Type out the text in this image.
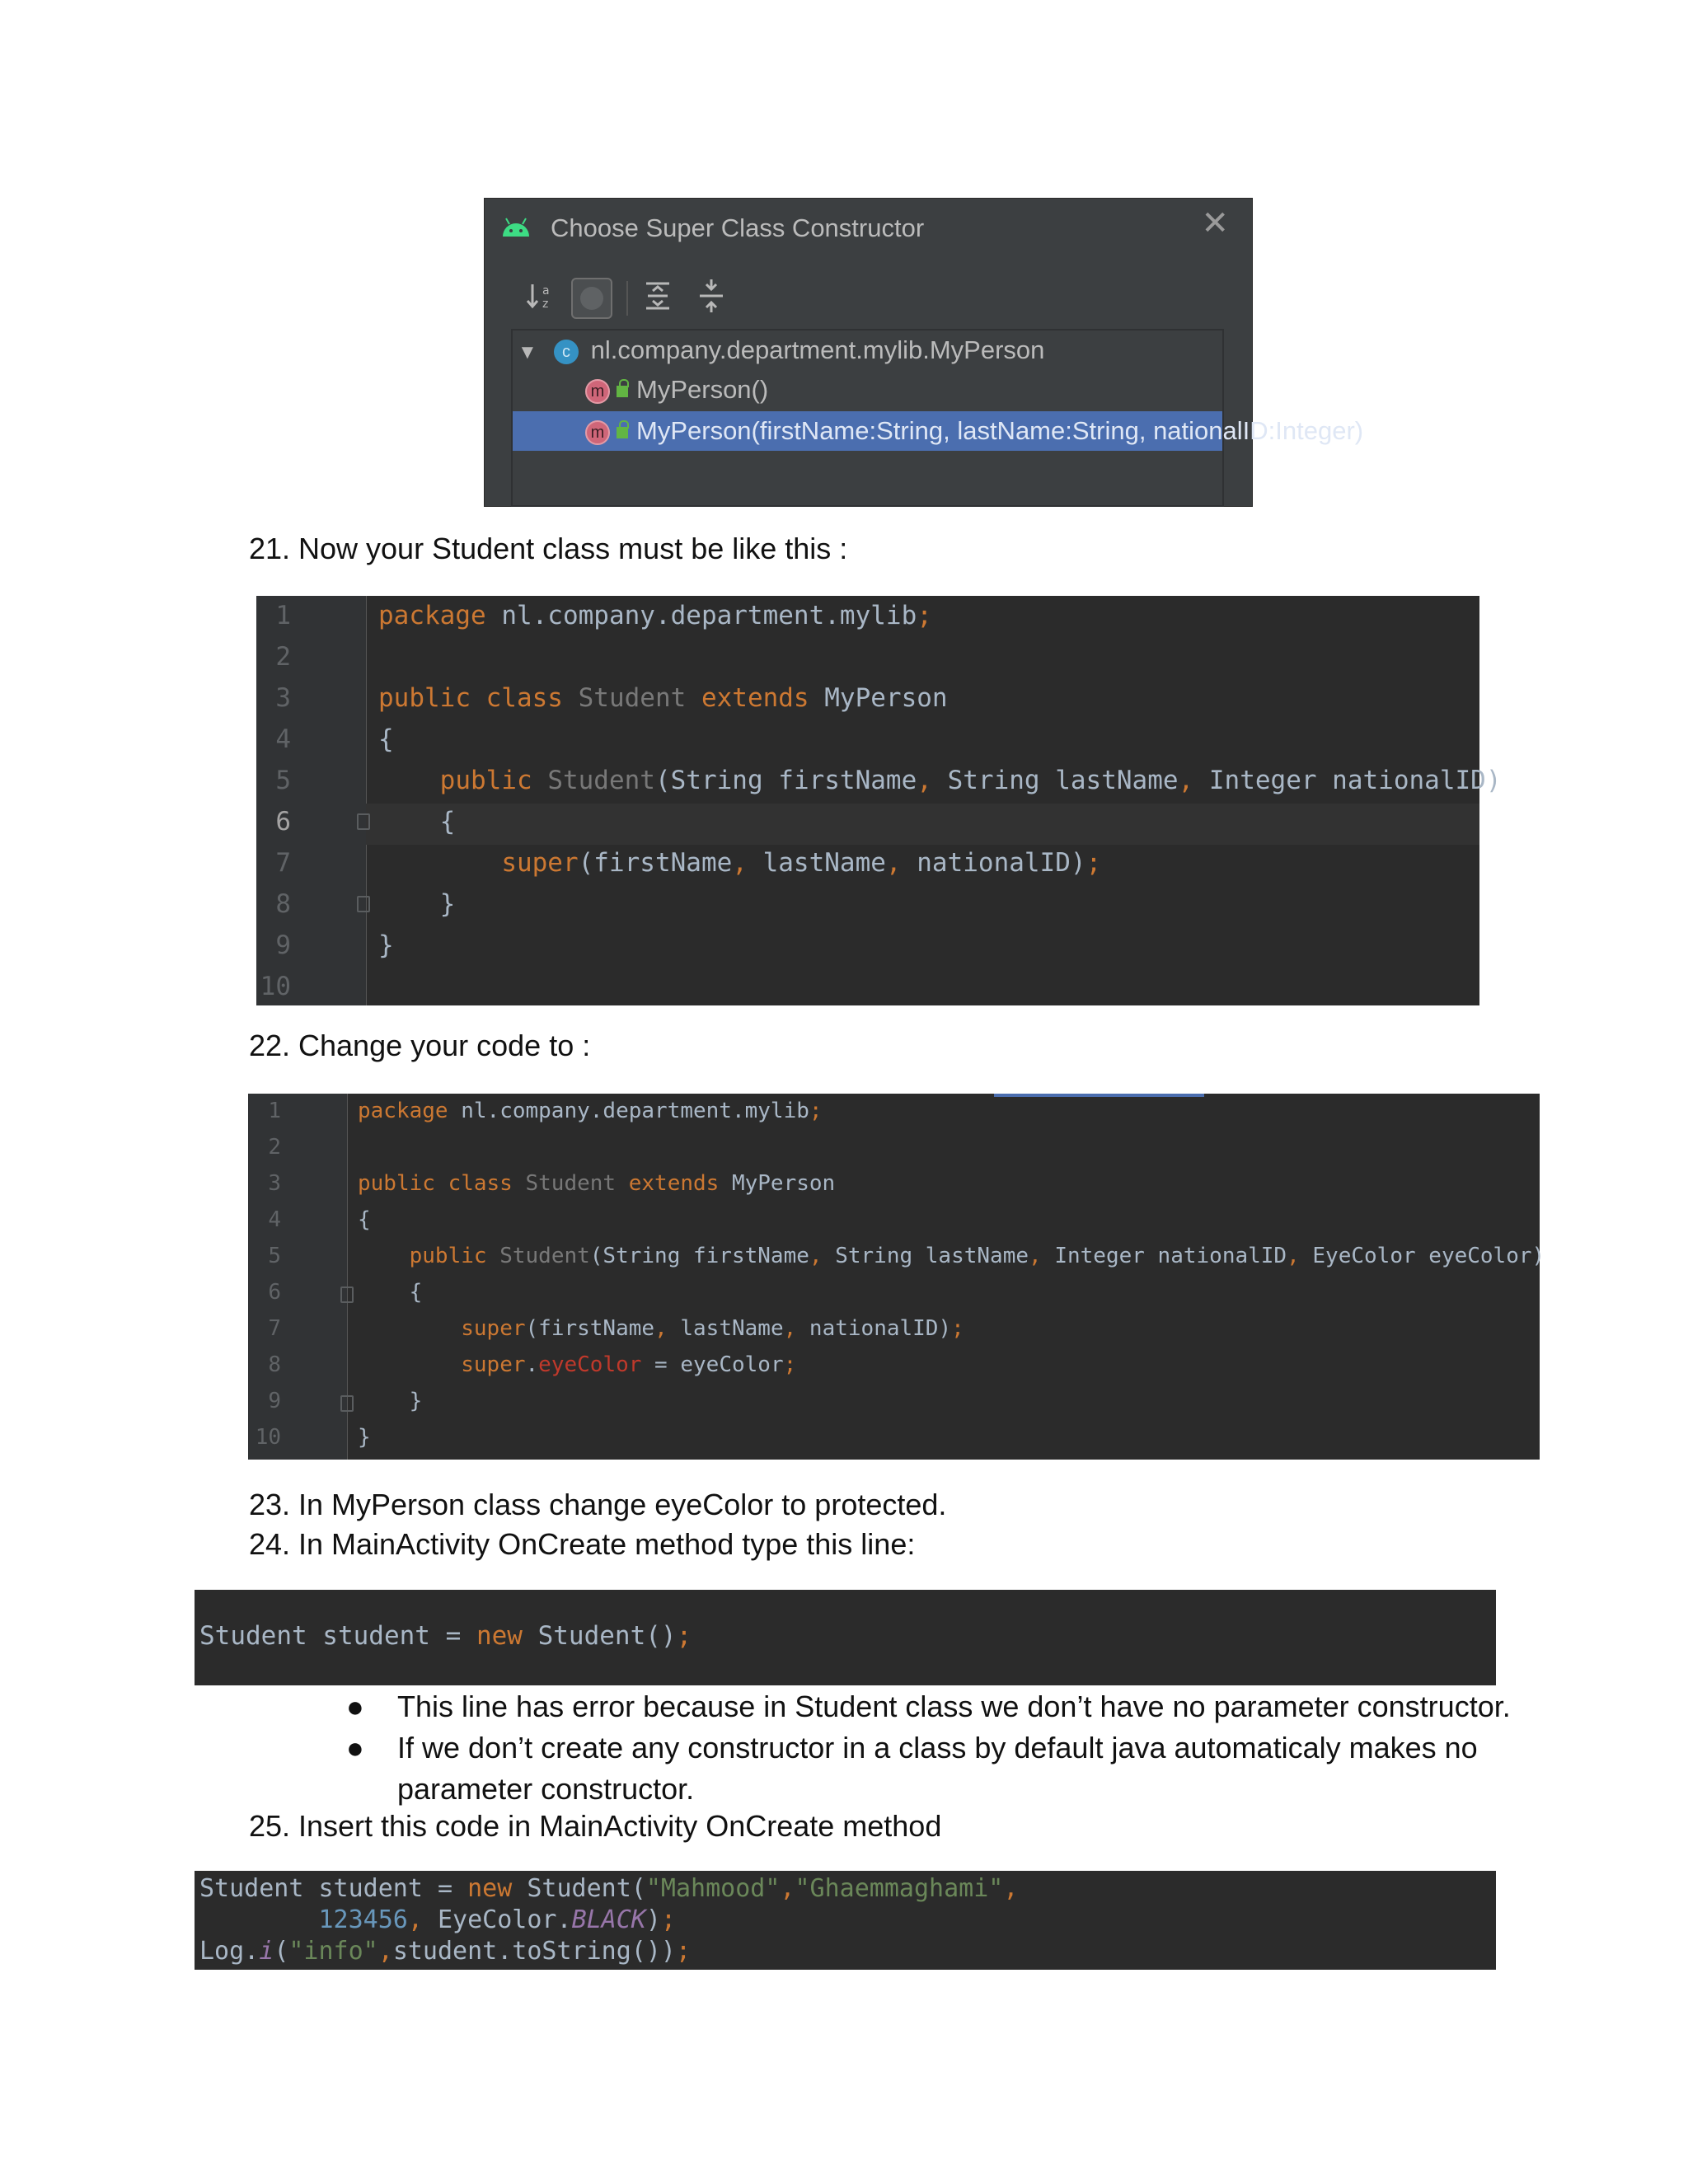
Choose Super Class Constructor	✕
a
z
▼ c nl.company.department.mylib.MyPerson
m MyPerson()
m MyPerson(firstName:String, lastName:String, nationalID:Integer)
21. Now your Student class must be like this :
1	package nl.company.department.mylib;
2
3	public class Student extends MyPerson
4	{
5	public Student(String firstName, String lastName, Integer nationalID)
6	{
7	super(firstName, lastName, nationalID);
8	}
9	}
10
22. Change your code to :
1	package nl.company.department.mylib;
2
3	public class Student extends MyPerson
4	{
5	public Student(String firstName, String lastName, Integer nationalID, EyeColor eyeColor)
6	{
7	super(firstName, lastName, nationalID);
8	super.eyeColor = eyeColor;
9	}
10	}
23. In MyPerson class change eyeColor to protected.
24. In MainActivity OnCreate method type this line:
Student student = new Student();
● This line has error because in Student class we don’t have no parameter constructor.
● If we don’t create any constructor in a class by default java automaticaly makes no
parameter constructor.
25. Insert this code in MainActivity OnCreate method
Student student = new Student("Mahmood","Ghaemmaghami",
123456, EyeColor.BLACK);
Log.i("info",student.toString());
